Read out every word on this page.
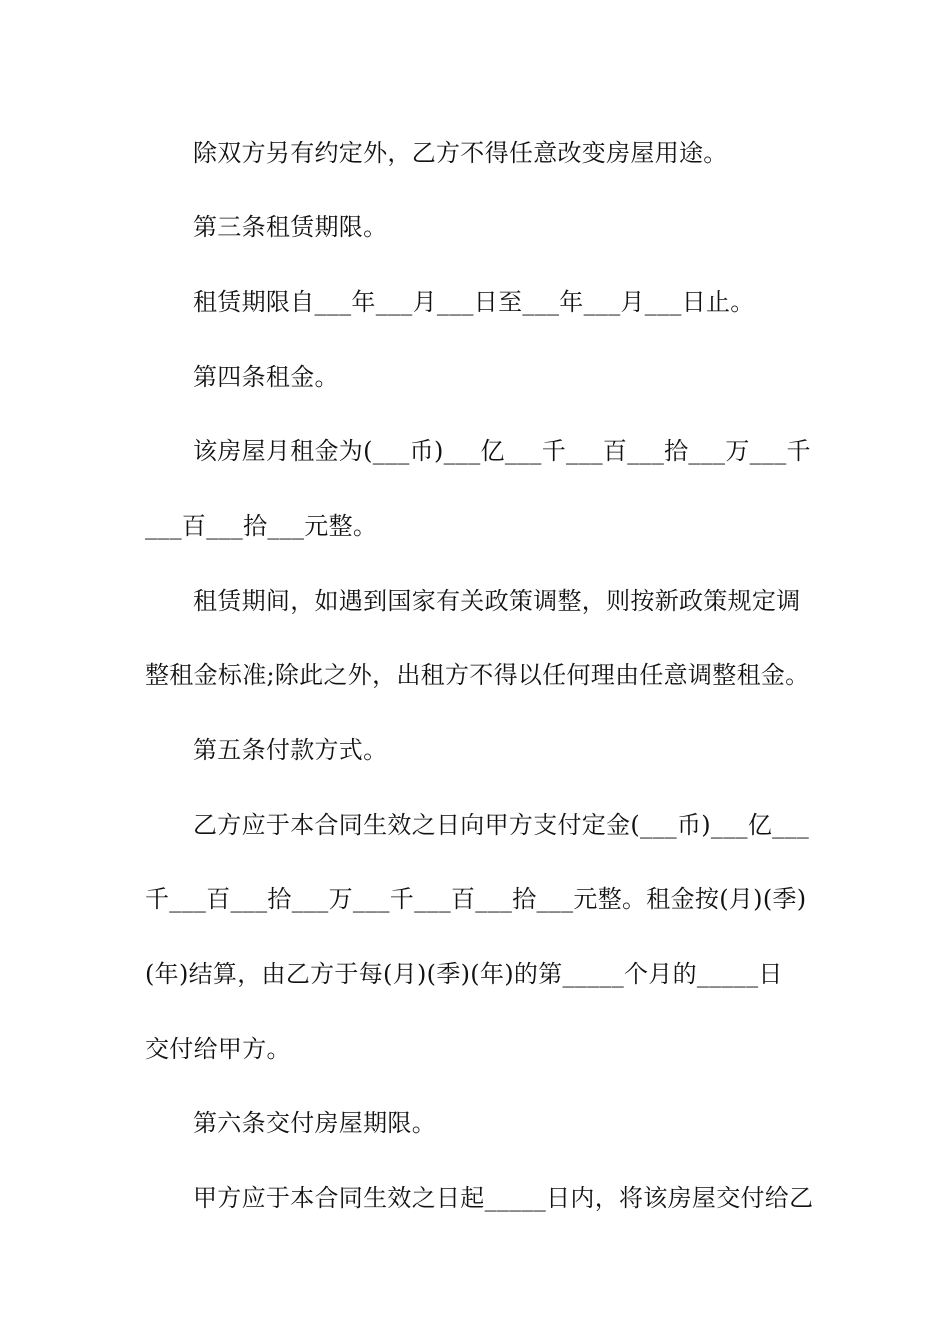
除双方另有约定外，乙方不得任意改变房屋用途。
第三条租赁期限。
租赁期限自___年___月___日至___年___月___日止。
第四条租金。
该房屋月租金为(___币)___亿___千___百___拾___万___千
___百___拾___元整。
租赁期间，如遇到国家有关政策调整，则按新政策规定调
整租金标准;除此之外，出租方不得以任何理由任意调整租金。
第五条付款方式。
乙方应于本合同生效之日向甲方支付定金(___币)___亿___
千___百___拾___万___千___百___拾___元整。租金按(月)(季)
(年)结算，由乙方于每(月)(季)(年)的第_____个月的_____日
交付给甲方。
第六条交付房屋期限。
甲方应于本合同生效之日起_____日内，将该房屋交付给乙
